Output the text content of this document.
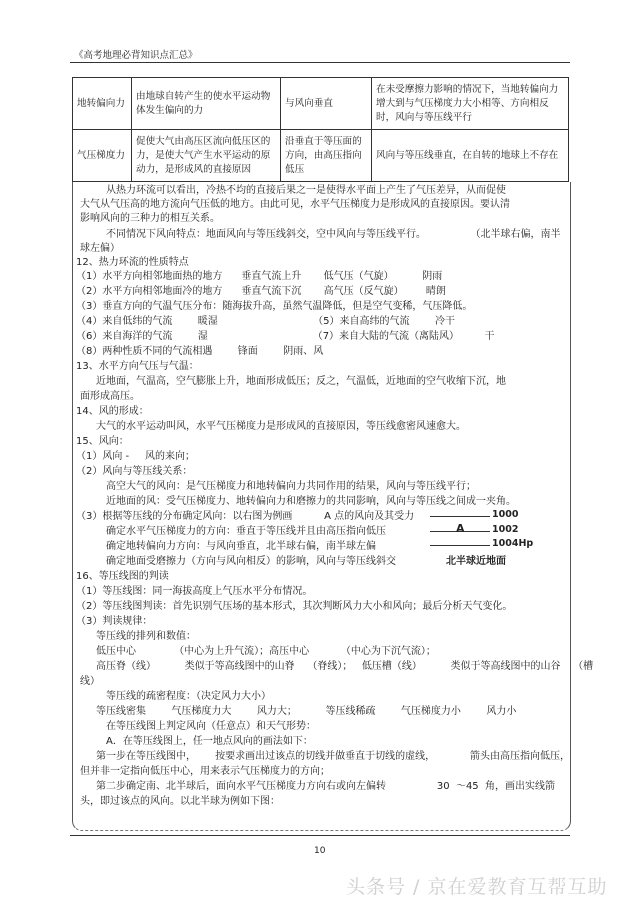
《高考地理必背知识点汇总》
地转偏向力	由地球自转产生的使水平运动物体发生偏向的力	与风向垂直	在未受摩擦力影响的情况下，当地转偏向力增大到与气压梯度力大小相等、方向相反时，风向与等压线平行
气压梯度力	促使大气由高压区流向低压区的力，是使大气产生水平运动的原动力，是形成风的直接原因	沿垂直于等压面的方向，由高压指向低压	风向与等压线垂直，在自转的地球上不存在
从热力环流可以看出，冷热不均的直接后果之一是使得水平面上产生了气压差异，从而促使
大气从气压高的地方流向气压低的地方。由此可见，水平气压梯度力是形成风的直接原因。要认清
影响风向的三种力的相互关系。
不同情况下风向特点：地面风向与等压线斜交，空中风向与等压线平行。              （北半球右偏，南半
球左偏）
12、热力环流的性质特点
（1）水平方向相邻地面热的地方      垂直气流上升       低气压（气旋）         阴雨
（2）水平方向相邻地面冷的地方      垂直气流下沉       高气压（反气旋）       晴朗
（3）垂直方向的气温气压分布：随海拔升高，虽然气温降低，但是空气变稀，气压降低。
（4）来自低纬的气流        暖湿                              （5）来自高纬的气流        冷干
（6）来自海洋的气流        湿                                 （7）来自大陆的气流（离陆风）        干
（8）两种性质不同的气流相遇        锋面        阴雨、风
13、水平方向气压与气温：
近地面，气温高，空气膨胀上升，地面形成低压；反之，气温低，近地面的空气收缩下沉，地
面形成高压。
14、风的形成：
大气的水平运动叫风，水平气压梯度力是形成风的直接原因，等压线愈密风速愈大。
15、风向：
（1）风向 -     风的来向；
（2）风向与等压线关系：
高空大气的风向：是气压梯度力和地转偏向力共同作用的结果，风向与等压线平行；
近地面的风：受气压梯度力、地转偏向力和磨擦力的共同影响，风向与等压线之间成一夹角。
（3）根据等压线的分布确定风向：以右图为例画          A 点的风向及其受力
确定水平气压梯度力的方向：垂直于等压线并且由高压指向低压
确定地转偏向力方向：与风向垂直，北半球右偏，南半球左偏
确定地面受磨擦力（方向与风向相反）的影响，风向与等压线斜交
16、等压线图的判读
（1）等压线图：同一海拔高度上气压水平分布情况。
（2）等压线图判读：首先识别气压场的基本形式，其次判断风力大小和风向；最后分析天气变化。
（3）判读规律：
等压线的排列和数值：
低压中心            （中心为上升气流）；高压中心          （中心为下沉气流）；
高压脊（线）         类似于等高线图中的山脊    （脊线）；   低压槽（线）         类似于等高线图中的山谷    （槽
线）
等压线的疏密程度：（决定风力大小）
等压线密集        气压梯度力大        风力大；         等压线稀疏        气压梯度力小        风力小
在等压线图上判定风向（任意点）和天气形势：
A．在等压线图上，任一地点风向的画法如下：
第一步在等压线图中，      按要求画出过该点的切线并做垂直于切线的虚线，           箭头由高压指向低压，
但并非一定指向低压中心，用来表示气压梯度力的方向；
第二步确定南、北半球后，面向水平气压梯度力方向右或向左偏转                30  ～45  角，画出实线箭
头，即过该点的风向。以北半球为例如下图：
1000
A	1002
1004Hp
北半球近地面
10
头条号 / 京在爱教育互帮互助
